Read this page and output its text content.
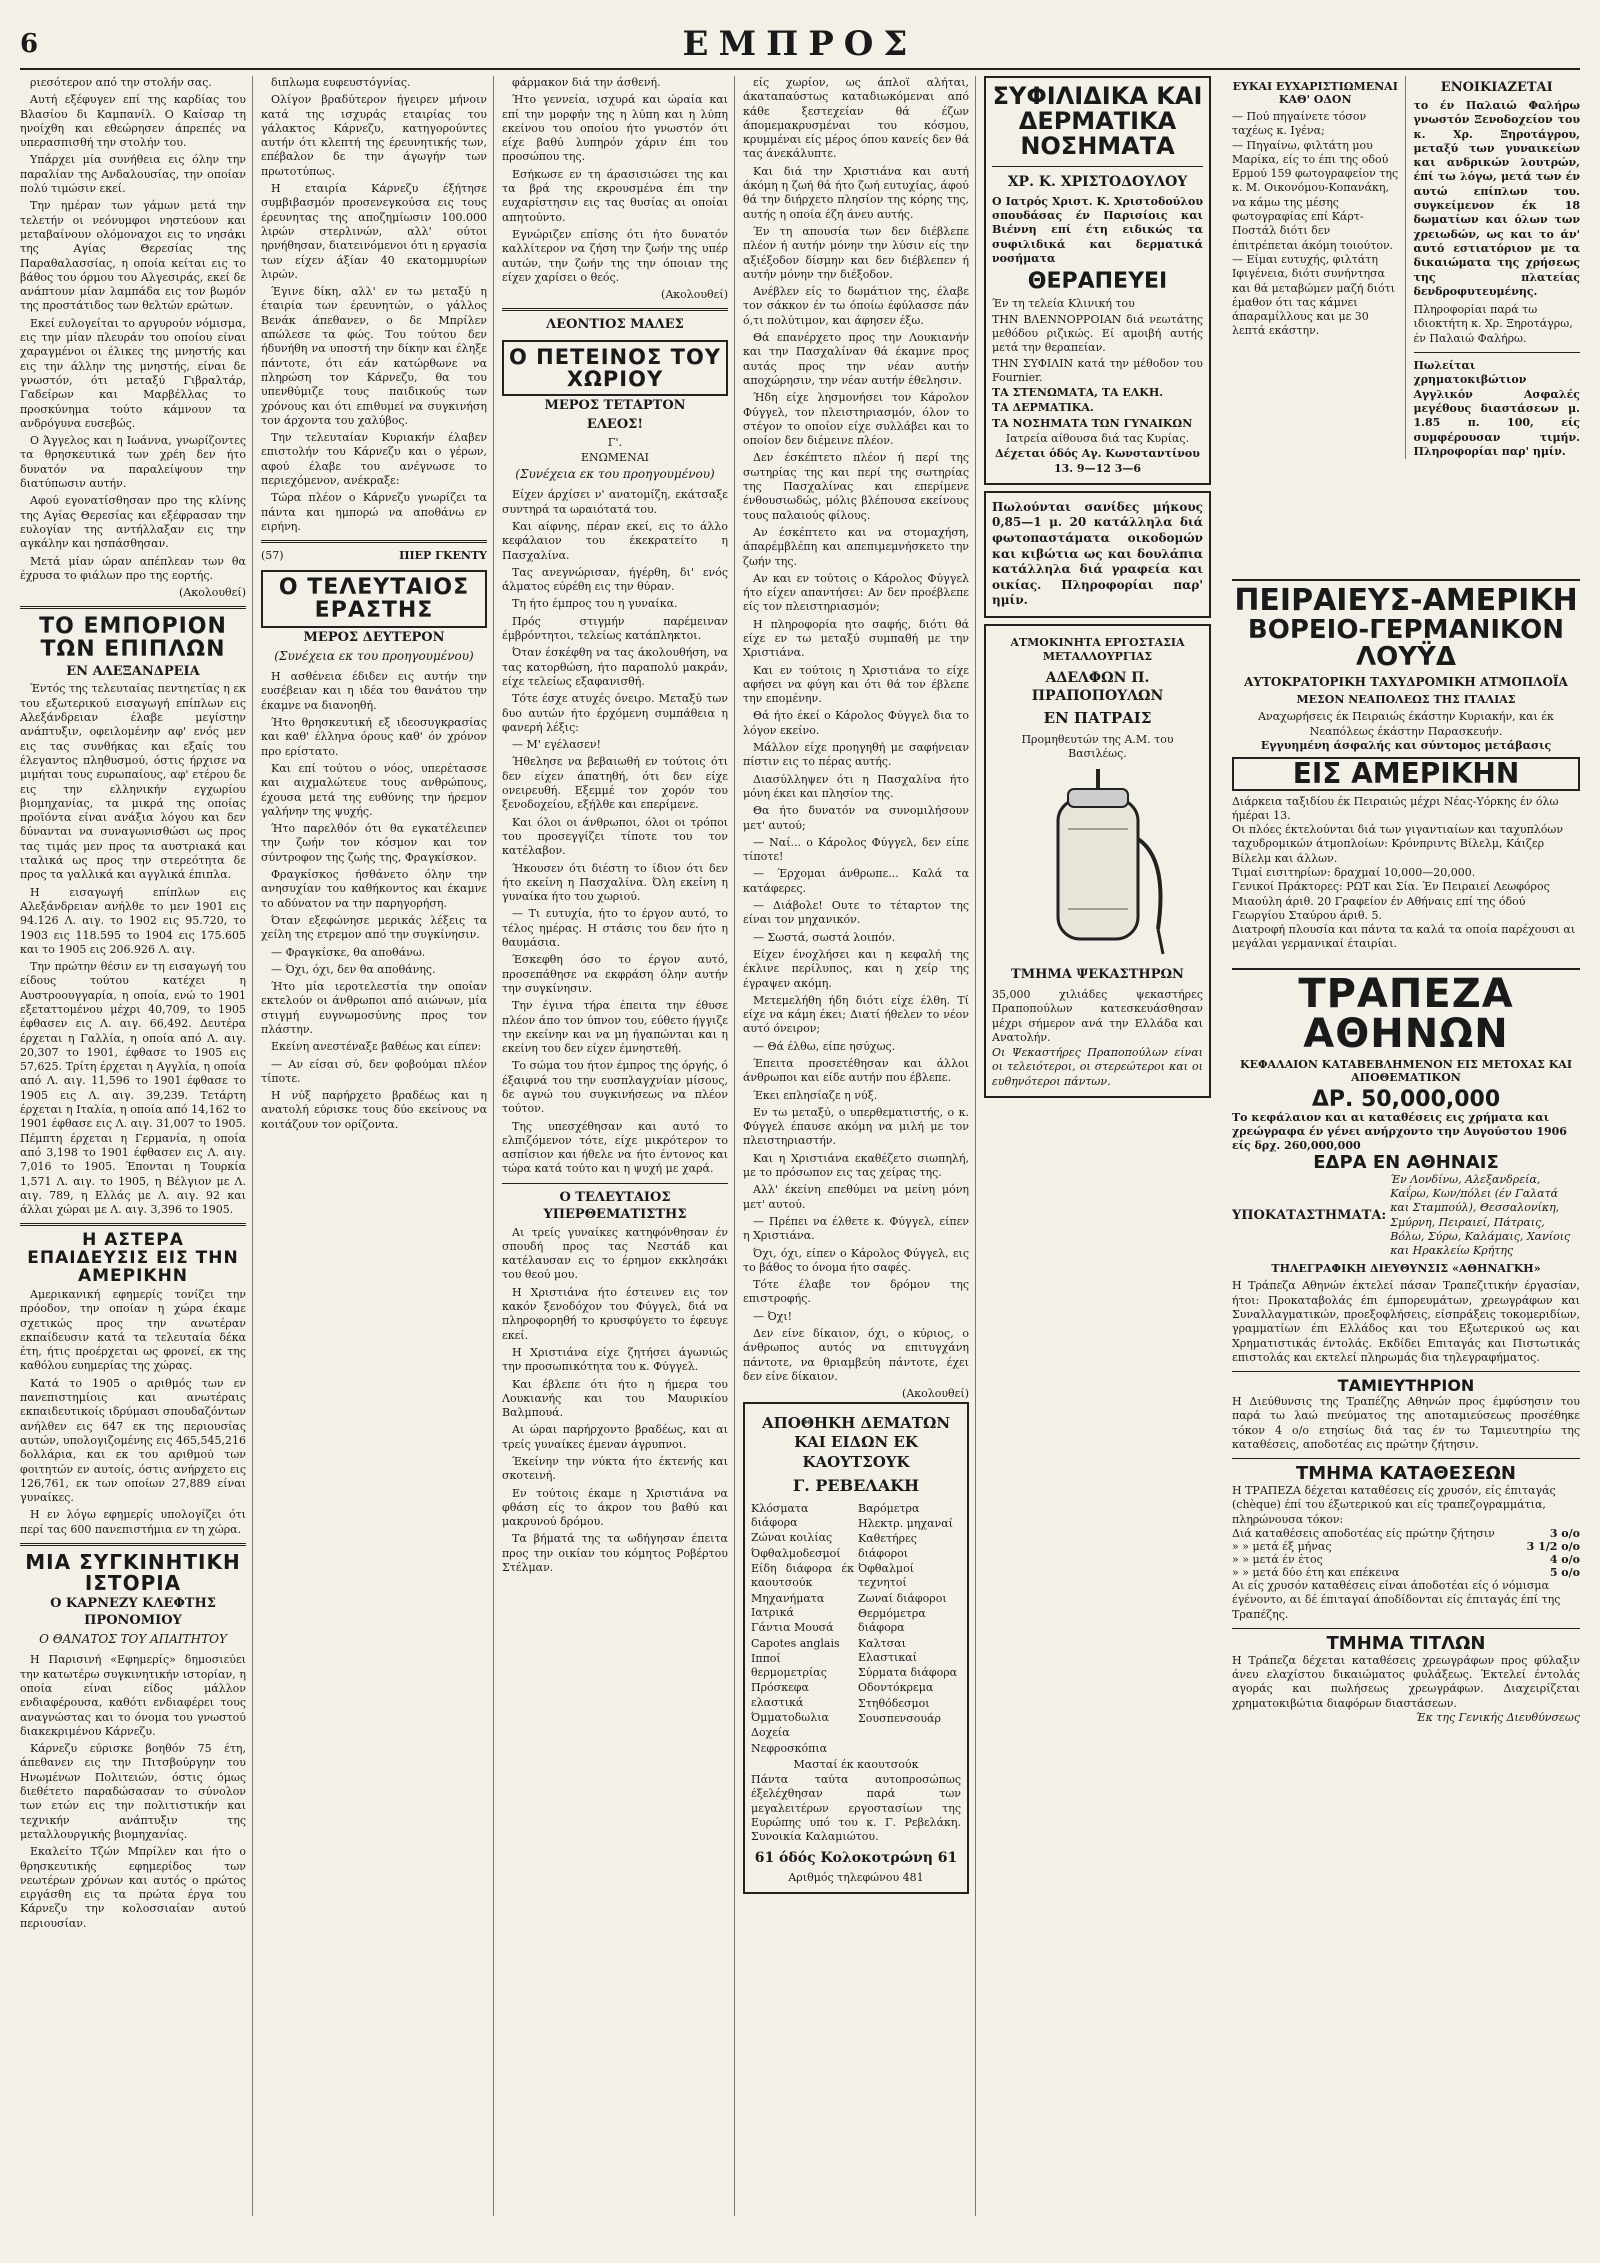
6	ΕΜΠΡΟΣ

ριεσότερον από την στολήν σας.

Αυτή εξέφυγεν επί της καρδίας του Βλασίου δι Καμπανίλ. Ο Καίσαρ τη ηνοίχθη και εθεώρησεν άπρεπές να υπερασπισθή την στολήν του.

Υπάρχει μία συνήθεια εις όλην την παραλίαν της Ανδαλουσίας, την οποίαν πολύ τιμώσιν εκεί.

Την ημέραν των γάμων μετά την τελετήν οι νεόνυμφοι νηστεύουν και μεταβαίνουν ολόμοναχοι εις το νησάκι της Αγίας Θερεσίας της Παραθαλασσίας, η οποία κείται εις το βάθος του όρμου του Αλγεσιράς, εκεί δε ανάπτουν μίαν λαμπάδα εις τον βωμόν της προστάτιδος των θελτών ερώτων.

Εκεί ευλογείται το αργυρούν νόμισμα, εις την μίαν πλευράν του οποίου είναι χαραγμένοι οι έλικες της μνηστής και εις την άλλην της μνηστής, είναι δε γνωστόν, ότι μεταξύ Γιβραλτάρ, Γαδείρων και Μαρβέλλας το προσκύνημα τούτο κάμνουν τα ανδρόγυνα ευσεβώς.

Ο Άγγελος και η Ιωάννα, γνωρίζοντες τα θρησκευτικά των χρέη δεν ήτο δυνατόν να παραλείψουν την διατύπωσιν αυτήν.

Αφού εγονατίσθησαν προ της κλίνης της Αγίας Θερεσίας και εξέφρασαν την ευλογίαν της αντήλλαξαν εις την αγκάλην και ησπάσθησαν.

Μετά μίαν ώραν απέπλεαν των θα έχρυσα το φιάλων προ της εορτής.

(Ακολουθεί)
ΤΟ ΕΜΠΟΡΙΟΝ ΤΩΝ ΕΠΙΠΛΩΝ
ΕΝ ΑΛΕΞΑΝΔΡΕΙΑ

Έντός της τελευταίας πεντηετίας η εκ του εξωτερικού εισαγωγή επίπλων εις Αλεξάνδρειαν έλαβε μεγίστην ανάπτυξιν, οφειλομένην αφ' ενός μεν εις τας συνθήκας και εξαίς του έλεγαντος πληθυσμού, όστις ήρχισε να μιμήται τους ευρωπαίους, αφ' ετέρου δε εις την ελληνικήν εγχωρίου βιομηχανίας, τα μικρά της οποίας προϊόντα είναι ανάξια λόγου και δεν δύνανται να συναγωνισθώσι ως προς τας τιμάς μεν προς τα αυστριακά και ιταλικά ως προς την στερεότητα δε προς τα γαλλικά και αγγλικά έπιπλα.

Η εισαγωγή επίπλων εις Αλεξάνδρειαν ανήλθε το μεν 1901 εις 94.126 Λ. αιγ. το 1902 εις 95.720, το 1903 εις 118.595 το 1904 εις 175.605 και το 1905 εις 206.926 Λ. αιγ.

Την πρώτην θέσιν εν τη εισαγωγή του είδους τούτου κατέχει η Αυστροουγγαρία, η οποία, ενώ το 1901 εξεταττομένου μέχρι 40,709, το 1905 έφθασεν εις Λ. αιγ. 66,492. Δευτέρα έρχεται η Γαλλία, η οποία από Λ. αιγ. 20,307 το 1901, έφθασε το 1905 εις 57,625. Τρίτη έρχεται η Αγγλία, η οποία από Λ. αιγ. 11,596 το 1901 έφθασε το 1905 εις Λ. αιγ. 39,239. Τετάρτη έρχεται η Ιταλία, η οποία από 14,162 το 1901 έφθασε εις Λ. αιγ. 31,007 το 1905. Πέμπτη έρχεται η Γερμανία, η οποία από 3,198 το 1901 έφθασεν εις Λ. αιγ. 7,016 το 1905. Έπονται η Τουρκία 1,571 Λ. αιγ. το 1905, η Βέλγιον με Λ. αιγ. 789, η Ελλάς με Λ. αιγ. 92 και άλλαι χώραι με Λ. αιγ. 3,396 το 1905.

Η ΑΣΤΕΡΑ ΕΠΑΙΔΕΥΣΙΣ ΕΙΣ ΤΗΝ ΑΜΕΡΙΚΗΝ

Αμερικανική εφημερίς τονίζει την πρόοδον, την οποίαν η χώρα έκαμε σχετικώς προς την ανωτέραν εκπαίδευσιν κατά τα τελευταία δέκα έτη, ήτις προέρχεται ως φρονεί, εκ της καθόλου ευημερίας της χώρας.

Κατά το 1905 ο αριθμός των εν πανεπιστημίοις και ανωτέραις εκπαιδευτικοίς ιδρύμασι σπουδαζόντων ανήλθεν εις 647 εκ της περιουσίας αυτών, υπολογιζομένης εις 465,545,216 δολλάρια, και εκ του αριθμού των φοιτητών εν αυτοίς, όστις ανήρχετο εις 126,761, εκ των οποίων 27,889 είναι γυναίκες.

Η εν λόγω εφημερίς υπολογίζει ότι περί τας 600 πανεπιστήμια εν τη χώρα.

ΜΙΑ ΣΥΓΚΙΝΗΤΙΚΗ ΙΣΤΟΡΙΑ
Ο ΚΑΡΝΕΖΥ ΚΛΕΦΤΗΣ ΠΡΟΝΟΜΙΟΥ
Ο ΘΑΝΑΤΟΣ ΤΟΥ ΑΠΑΙΤΗΤΟΥ

Η Παρισινή «Εφημερίς» δημοσιεύει την κατωτέρω συγκινητικήν ιστορίαν, η οποία είναι είδος μάλλον ενδιαφέρουσα, καθότι ενδιαφέρει τους αναγνώστας και το όνομα του γνωστού διακεκριμένου Κάρνεζυ.

Κάρνεζυ εύρισκε βοηθόν 75 έτη, άπεθανεν εις την Πιτσβούργην του Ηνωμένων Πολιτειών, όστις όμως διεθέτετο παραδώσασαν το σύνολον των ετών εις την πολιτιστικήν και τεχνικήν ανάπτυξιν της μεταλλουργικής βιομηχανίας.

Εκαλείτο Τζών Μπρίλεν και ήτο ο θρησκευτικής εφημερίδος των νεωτέρων χρόνων και αυτός ο πρώτος ειργάσθη εις τα πρώτα έργα του Κάρνεζυ την κολοσσιαίαν αυτού περιουσίαν.

διπλωμα ευφευστόγνίας.

Ολίγον βραδύτερον ήγειρεν μήνοιν κατά της ισχυράς εταιρίας του γάλακτος Κάρνεζυ, κατηγορούντες αυτήν ότι κλεπτή της έρευνητικής των, επέβαλον δε την άγωγήν των πρωτοτύπως.

Η εταιρία Κάρνεζυ έξήτησε συμβιβασμόν προσενεγκούσα εις τους έρευνητας της αποζημίωσιν 100.000 λιρών στερλινών, αλλ' ούτοι ηρνήθησαν, διατεινόμενοι ότι η εργασία των είχεν άξίαν 40 εκατομμυρίων λιρών.

Έγινε δίκη, αλλ' εν τω μεταξύ η έταιρία των έρευνητών, ο γάλλος Βενάκ άπεθανεν, ο δε Μπρίλεν απώλεσε τα φώς. Του τούτου δεν ήδυνήθη να υποστή την δίκην και έληξε πάντοτε, ότι εάν κατώρθωνε να πληρώση τον Κάρνεζυ, θα του υπενθύμιζε τους παιδικούς των χρόνους και ότι επιθυμεί να συγκινήση τον άρχοντα του χαλύβος.

Την τελευταίαν Κυριακήν έλαβεν επιστολήν του Κάρνεζυ και ο γέρων, αφού έλαβε του ανέγνωσε το περιεχόμενον, ανέκραξε:

Τώρα πλέον ο Κάρνεζυ γνωρίζει τα πάντα και ημπορώ να αποθάνω εν ειρήνη.

(57)	ΠΙΕΡ ΓΚΕΝΤΥ
Ο ΤΕΛΕΥΤΑΙΟΣ ΕΡΑΣΤΗΣ
ΜΕΡΟΣ ΔΕΥΤΕΡΟΝ
(Συνέχεια εκ του προηγουμένου)

Η ασθένεια έδιδεν εις αυτήν την ευσέβειαν και η ιδέα του θανάτου την έκαμνε να διανοηθή.

Ήτο θρησκευτική εξ ιδεοσυγκρασίας και καθ' έλληνα όρους καθ' όν χρόνον προ ερίστατο.

Και επί τούτου ο νόος, υπερέτασσε και αιχμαλώτευε τους ανθρώπους, έχουσα μετά της ευθύνης την ήρεμον γαλήνην της ψυχής.

Ήτο παρελθόν ότι θα εγκατέλειπεν την ζωήν τον κόσμον και τον σύντροφον της ζωής της, Φραγκίσκον.

Φραγκίσκος ήσθάνετο όλην την ανησυχίαν του καθήκοντος και έκαμνε το αδύνατον να την παρηγορήση.

Όταν εξεφώνησε μερικάς λέξεις τα χείλη της ετρεμον από την συγκίνησιν.

— Φραγκίσκε, θα αποθάνω.

— Όχι, όχι, δεν θα αποθάνης.

Ήτο μία ιεροτελεστία την οποίαν εκτελούν οι άνθρωποι από αιώνων, μία στιγμή ευγνωμοσύνης προς τον πλάστην.

Εκείνη ανεστέναξε βαθέως και είπεν:

— Αν είσαι σύ, δεν φοβούμαι πλέον τίποτε.

Η νύξ παρήρχετο βραδέως και η ανατολή εύρισκε τους δύο εκείνους να κοιτάζουν τον ορίζοντα.

φάρμακον διά την άσθενή.

Ήτο γεννεία, ισχυρά και ώραία και επί την μορφήν της η λύπη και η λύπη εκείνου του οποίου ήτο γνωστόν ότι είχε βαθύ λυπηρόν χάριν έπι του προσώπου της.

Εσήκωσε εν τη άρασισιώσει της και τα βρά της εκρουσμένα έπι την ευχαρίστησιν εις τας θυσίας αι οποίαι απητούντο.

Εγνώριζεν επίσης ότι ήτο δυνατόν καλλίτερον να ζήση την ζωήν της υπέρ αυτών, την ζωήν της την όποιαν της είχεν χαρίσει ο θεός.

(Ακολουθεί)
ΛΕΟΝΤΙΟΣ ΜΑΛΕΣ
Ο ΠΕΤΕΙΝΟΣ ΤΟΥ ΧΩΡΙΟΥ
ΜΕΡΟΣ ΤΕΤΑΡΤΟΝ
ΕΛΕΟΣ!
Γ'.
ΕΝΩΜΕΝΑΙ
(Συνέχεια εκ του προηγουμένου)

Είχεν άρχίσει ν' ανατομίζη, εκάτσαξε συντηρά τα ωραιότατά του.

Και αίφνης, πέραν εκεί, εις το άλλο κεφάλαιον του έκεκρατείτο η Πασχαλίνα.

Τας ανεγνώρισαν, ήγέρθη, δι' ενός άλματος εύρέθη εις την θύραν.

Τη ήτο έμπρος του η γυναίκα.

Πρός στιγμήν παρέμειναν έμβρόντητοι, τελείως κατάπληκτοι.

Όταν έσκέφθη να τας άκολουθήση, να τας κατορθώση, ήτο παραπολύ μακράν, είχε τελείως εξαφανισθή.

Τότε έσχε ατυχές όνειρο. Μεταξύ των δυο αυτών ήτο έρχόμενη συμπάθεια η φανερή λέξις:

— Μ' εγέλασεν!

Ήθελησε να βεβαιωθή εν τούτοις ότι δεν είχεν άπατηθή, ότι δεν είχε ονειρευθή. Εξεμμέ τον χορόν του ξενοδοχείου, εξήλθε και επερίμενε.

Και όλοι οι άνθρωποι, όλοι οι τρόποι του προσεγγίζει τίποτε του τον κατέλαβον.

Ήκουσεν ότι διέστη το ίδιον ότι δεν ήτο εκείνη η Πασχαλίνα. Όλη εκείνη η γυναίκα ήτο του χωριού.

— Τι ευτυχία, ήτο το έργον αυτό, το τέλος ημέρας. Η στάσις του δεν ήτο η θαυμάσια.

Έσκεφθη όσο το έργον αυτό, προσεπάθησε να εκφράση όλην αυτήν την συγκίνησιν.

Την έγινα τήρα έπειτα την έθυσε πλέον άπο τον ύπνον του, εύθετο ήγγιζε την εκείνην και να μη ήγαπώνται και η εκείνη του δεν είχεν έμνηστεθή.

Το σώμα του ήτον έμπρος της όργής, ό έξαιφνά του την ευσπλαγχνίαν μίσους, δε αγνώ του συγκινήσεως να πλέον τούτον.

Της υπεσχέθησαν και αυτό το ελπιζόμενον τότε, είχε μικρότερον το ασπίσιον και ήθελε να ήτο έντονος και τώρα κατά τούτο και η ψυχή με χαρά.

Ο ΤΕΛΕΥΤΑΙΟΣ ΥΠΕΡΘΕΜΑΤΙΣΤΗΣ

Αι τρείς γυναίκες κατηφόνθησαν έν σπουδή προς τας Νεστάδ και κατέλαυσαν εις το έρημον εκκλησάκι του θεού μου.

Η Χριστιάνα ήτο έστεινεν εις τον κακόν ξενοδόχον του Φύγγελ, διά να πληροφορηθή το κρυσφύγετο το έφευγε εκεί.

Η Χριστιάνα είχε ζητήσει άγωνιώς την προσωπικότητα του κ. Φύγγελ.

Και έβλεπε ότι ήτο η ήμερα του Λουκιανής και του Μαυρικίου Βαλμπουά.

Αι ώραι παρήρχοντο βραδέως, και αι τρείς γυναίκες έμεναν άγρυπνοι.

Έκείνην την νύκτα ήτο έκτενής και σκοτεινή.

Εν τούτοις έκαμε η Χριστιάνα να φθάση είς το άκρον του βαθύ και μακρυνού δρόμου.

Τα βήματά της τα ωδήγησαν έπειτα προς την οικίαν του κόμητος Ροβέρτου Στέλμαν.

είς χωρίον, ως άπλοϊ αλήται, άκαταπαύστως καταδιωκόμεναι από κάθε ξεστεχείαν θά έζων άπομεμακρυσμέναι του κόσμου, κρυμμέναι είς μέρος όπου κανείς δεν θά τας άνεκάλυπτε.

Και διά την Χριστιάνα και αυτή άκόμη η ζωή θά ήτο ζωή ευτυχίας, άφού θά την διήρχετο πλησίον της κόρης της, αυτής η οποία έζη άνευ αυτής.

Έν τη απουσία των δεν διέβλεπε πλέον ή αυτήν μόνην την λύσιν είς την αξιέξοδον δίσμην και δεν διέβλεπεν ή αυτήν μόνην την διέξοδον.

Ανέβλεν είς το δωμάτιον της, έλαβε τον σάκκον έν τω όποίω έφύλασσε πάν ό,τι πολύτιμον, και άφησεν έξω.

Θά επανέρχετο προς την Λουκιανήν και την Πασχαλίναν θά έκαμνε προς αυτάς προς την νέαν αυτήν αποχώρησιν, την νέαν αυτήν έθελησιν.

Ήδη είχε λησμονήσει τον Κάρολον Φύγγελ, τον πλειστηριασμόν, όλον το στέγον το οποίον είχε συλλάβει και το οποίον δεν διέμεινε πλέον.

Δεν έσκέπτετο πλέον ή περί της σωτηρίας της και περί της σωτηρίας της Πασχαλίνας και επερίμενε ένθουσιωδώς, μόλις βλέπουσα εκείνους τους παλαιούς φίλους.

Αν έσκέπτετο και να στομαχήση, άπαρέμβλέπη και απεπιμεμνήσκετο την ζωήν της.

Αν και εν τούτοις ο Κάρολος Φύγγελ ήτο είχεν απαντήσει: Αν δεν προέβλεπε είς τον πλειστηριασμόν;

Η πληροφορία ητο σαφής, διότι θά είχε εν τω μεταξύ συμπαθή με την Χριστιάνα.

Και εν τούτοις η Χριστιάνα το είχε αφήσει να φύγη και ότι θά τον έβλεπε την επομένην.

Θά ήτο έκεί ο Κάρολος Φύγγελ δια το λόγον εκείνο.

Μάλλον είχε προηγηθή με σαφήνειαν πίστιν εις το πέρας αυτής.

Διασύλληψεν ότι η Πασχαλίνα ήτο μόνη έκει και πλησίον της.

Θα ήτο δυνατόν να συνομιλήσουν μετ' αυτού;

— Ναί... ο Κάρολος Φύγγελ, δεν είπε τίποτε!

— Έρχομαι άνθρωπε... Καλά τα κατάφερες.

— Διάβολε! Ουτε το τέταρτον της είναι τον μηχανικόν.

— Σωστά, σωστά λοιπόν.

Είχεν ένοχλήσει και η κεφαλή της έκλινε περίλυπος, και η χείρ της έγραψεν ακόμη.

Μετεμελήθη ήδη διότι είχε έλθη. Τί είχε να κάμη έκει; Διατί ήθελεν το νέον αυτό όνειρον;

— Θά έλθω, είπε ησύχως.

Έπειτα προσετέθησαν και άλλοι άνθρωποι και είδε αυτήν που έβλεπε.

Έκει επλησίαζε η νύξ.

Εν τω μεταξύ, ο υπερθεματιστής, ο κ. Φύγγελ έπαυσε ακόμη να μιλή με τον πλειστηριαστήν.

Και η Χριστιάνα εκαθέζετο σιωπηλή, με το πρόσωπον εις τας χείρας της.

Αλλ' έκείνη επεθύμει να μείνη μόνη μετ' αυτού.

— Πρέπει να έλθετε κ. Φύγγελ, είπεν η Χριστιάνα.

Όχι, όχι, είπεν ο Κάρολος Φύγγελ, εις το βάθος το όνομα ήτο σαφές.

Τότε έλαβε τον δρόμον της επιστροφής.

— Όχι!

Δεν είνε δίκαιον, όχι, ο κύριος, ο άνθρωπος αυτός να επιτυγχάνη πάντοτε, να θριαμβεύη πάντοτε, έχει δεν είνε δίκαιον.

(Ακολουθεί)
ΑΠΟΘΗΚΗ ΔΕΜΑΤΩΝ ΚΑΙ ΕΙΔΩΝ ΕΚ ΚΑΟΥΤΣΟΥΚ
Γ. ΡΕΒΕΛΑΚΗ
Κλόσματα διάφορα
Ζώναι κοιλίας
Όφθαλμοδεσμοί
Είδη διάφορα έκ καουτσούκ
Μηχανήματα Ιατρικά
Γάντια Μουσά
Capotes anglais
Ιπποί θερμομετρίας
Πρόσκεφα ελαστικά
Όμματοδωλια
Δοχεία
Νεφροσκόπια
Βαρόμετρα
Ηλεκτρ. μηχαναί
Καθετήρες διάφοροι
Όφθαλμοί τεχνητοί
Ζωναί διάφοροι
Θερμόμετρα διάφορα
Καλτσαι Ελαστικαί
Σύρματα διάφορα
Οδοντόκρεμα
Στηθόδεσμοι
Σουσπενσουάρ
Μασταί έκ καουτσούκ
Πάντα ταύτα αυτοπροσώπως έξελέχθησαν παρά των μεγαλειτέρων εργοστασίων της Ευρώπης υπό του κ. Γ. Ρεβελάκη. Συνοικία Καλαμιώτου.
61 όδός Κολοκοτρώνη 61
Αριθμός τηλεφώνου 481
ΣΥΦΙΛΙΔΙΚΑ ΚΑΙ ΔΕΡΜΑΤΙΚΑ ΝΟΣΗΜΑΤΑ
ΧΡ. Κ. ΧΡΙΣΤΟΔΟΥΛΟΥ
Ο Ιατρός Χριστ. Κ. Χριστοδούλου σπουδάσας έν Παρισίοις και Βιέννη επί έτη ειδικώς τα συφιλιδικά και δερματικά νοσήματα
ΘΕΡΑΠΕΥΕΙ
Έν τη τελεία Κλινική του
ΤΗΝ ΒΛΕΝΝΟΡΡΟΙΑΝ διά νεωτάτης μεθόδου ριζικώς. Εί αμοιβή αυτής μετά την θεραπείαν.
ΤΗΝ ΣΥΦΙΛΙΝ κατά την μέθοδον του Fournier.
ΤΑ ΣΤΕΝΩΜΑΤΑ, ΤΑ ΕΛΚΗ.
ΤΑ ΔΕΡΜΑΤΙΚΑ.
ΤΑ ΝΟΣΗΜΑΤΑ ΤΩΝ ΓΥΝΑΙΚΩΝ
Ιατρεία αίθουσα διά τας Κυρίας.
Δέχεται όδός Αγ. Κωνσταντίνου 13. 9—12 3—6
Πωλούνται σανίδες μήκους 0,85—1 μ. 20 κατάλληλα διά φωτοπαστάματα οικοδομών και κιβώτια ως και δουλάπια κατάλληλα διά γραφεία και οικίας. Πληροφορίαι παρ' ημίν.
ΑΤΜΟΚΙΝΗΤΑ ΕΡΓΟΣΤΑΣΙΑ ΜΕΤΑΛΛΟΥΡΓΙΑΣ
ΑΔΕΛΦΩΝ Π. ΠΡΑΠΟΠΟΥΛΩΝ
ΕΝ ΠΑΤΡΑΙΣ
Προμηθευτών της Α.Μ. του Βασιλέως.
ΤΜΗΜΑ ΨΕΚΑΣΤΗΡΩΝ
35,000 χιλιάδες ψεκαστήρες Πραποπούλων κατεσκευάσθησαν μέχρι σήμερον ανά την Ελλάδα και Ανατολήν.
Οι Ψεκαστήρες Πραποπούλων είναι οι τελειότεροι, οι στερεώτεροι και οι ευθηνότεροι πάντων.
ΕΥΚΑΙ ΕΥΧΑΡΙΣΤΙΩΜΕΝΑΙ ΚΑΘ' ΟΔΟΝ
— Πού πηγαίνετε τόσον ταχέως κ. Ιγένα;
— Πηγαίνω, φιλτάτη μου Μαρίκα, είς το έπι της οδού Ερμού 159 φωτογραφείον της κ. Μ. Οικονόμου-Κοπανάκη, να κάμω της μέσης φωτογραφίας επί Κάρτ-Ποστάλ διότι δεν έπιτρέπεται άκόμη τοιούτον.
— Είμαι ευτυχής, φιλτάτη Ιφιγένεια, διότι συνήντησα και θά μεταβώμεν μαζή διότι έμαθον ότι τας κάμνει άπαραμίλλους και με 30 λεπτά εκάστην.
ΕΝΟΙΚΙΑΖΕΤΑΙ
το έν Παλαιώ Φαλήρω γνωστόν Ξενοδοχείον του κ. Χρ. Ξηροτάγρου, μεταξύ των γυναικείων και ανδρικών λουτρών, έπί τω λόγω, μετά των έν αυτώ επίπλων του. συγκείμενον έκ 18 δωματίων και όλων των χρειωδών, ως και το άν' αυτό εστιατόριον με τα δικαιώματα της χρήσεως της πλατείας δενδροφυτευμένης.
Πληροφορίαι παρά τω ιδιοκτήτη κ. Χρ. Ξηροτάγρω, έν Παλαιώ Φαλήρω.
Πωλείται χρηματοκιβώτιον Αγγλικόν Ασφαλές μεγέθους διαστάσεων μ. 1.85 π. 100, είς συμφέρουσαν τιμήν. Πληροφορίαι παρ' ημίν.
ΠΕΙΡΑΙΕΥΣ-ΑΜΕΡΙΚΗ
ΒΟΡΕΙΟ-ΓΕΡΜΑΝΙΚΟΝ ΛΟΥΫΔ
ΑΥΤΟΚΡΑΤΟΡΙΚΗ ΤΑΧΥΔΡΟΜΙΚΗ ΑΤΜΟΠΛΟΪΑ
ΜΕΣΟΝ ΝΕΑΠΟΛΕΩΣ ΤΗΣ ΙΤΑΛΙΑΣ
Αναχωρήσεις έκ Πειραιώς έκάστην Κυριακήν, και έκ Νεαπόλεως έκάστην Παρασκευήν.
Εγγυημένη άσφαλής και σύντομος μετάβασις
ΕΙΣ ΑΜΕΡΙΚΗΝ
Διάρκεια ταξιδίου έκ Πειραιώς μέχρι Νέας-Υόρκης έν όλω ήμέραι 13.
Οι πλόες έκτελούνται διά των γιγαντιαίων και ταχυπλόων ταχυδρομικών άτμοπλοίων: Κρόνπριντς Βίλελμ, Κάιζερ Βίλελμ και άλλων.
Τιμαί εισιτηρίων: δραχμαί 10,000—20,000.
Γενικοί Πράκτορες: ΡΩΤ και Σία. Έν Πειραιεί Λεωφόρος Μιαούλη άριθ. 20 Γραφείον έν Αθήναις επί της όδού Γεωργίου Σταύρου άριθ. 5.
Διατροφή πλουσία και πάντα τα καλά τα οποία παρέχουσι αι μεγάλαι γερμανικαί έταιρίαι.
ΤΡΑΠΕΖΑ ΑΘΗΝΩΝ
ΚΕΦΑΛΑΙΟΝ ΚΑΤΑΒΕΒΛΗΜΕΝΟΝ ΕΙΣ ΜΕΤΟΧΑΣ ΚΑΙ ΑΠΟΘΕΜΑΤΙΚΟΝ
ΔΡ. 50,000,000
Το κεφάλαιον και αι καταθέσεις εις χρήματα και χρεώγραφα έν γένει ανήρχοντο την Αυγούστου 1906 είς δρχ. 260,000,000
ΕΔΡΑ ΕΝ ΑΘΗΝΑΙΣ
ΥΠΟΚΑΤΑΣΤΗΜΑΤΑ:
Έν Λονδίνω, Αλεξανδρεία, Καΐρω, Κων/πόλει (έν Γαλατά και Σταμπούλ), Θεσσαλονίκη, Σμύρνη, Πειραιεί, Πάτραις, Βόλω, Σύρω, Καλάμαις, Χανίοις και Ηρακλείω Κρήτης
ΤΗΛΕΓΡΑΦΙΚΗ ΔΙΕΥΘΥΝΣΙΣ «ΑΘΗΝΑΓΚΗ»
Η Τράπεζα Αθηνών έκτελεί πάσαν Τραπεζιτικήν έργασίαν, ήτοι: Προκαταβολάς έπι έμπορευμάτων, χρεωγράφων και Συναλλαγματικών, προεξοφλήσεις, είσπράξεις τοκομεριδίων, γραμματίων έπι Ελλάδος και του Εξωτερικού ως και Χρηματιστικάς έντολάς. Εκδίδει Επιταγάς και Πιστωτικάς επιστολάς και εκτελεί πληρωμάς δια τηλεγραφήματος.
ΤΑΜΙΕΥΤΗΡΙΟΝ
Η Διεύθυνσις της Τραπέζης Αθηνών προς έμφύσησιν του παρά τω λαώ πνεύματος της αποταμιεύσεως προσέθηκε τόκον 4 ο/ο ετησίως διά τας έν τω Ταμιευτηρίω της καταθέσεις, αποδοτέας εις πρώτην ζήτησιν.
ΤΜΗΜΑ ΚΑΤΑΘΕΣΕΩΝ
Η ΤΡΑΠΕΖΑ δέχεται καταθέσεις είς χρυσόν, είς έπιταγάς (chèque) έπί του έξωτερικού και είς τραπεζογραμμάτια, πληρώνουσα τόκον:
Διά καταθέσεις αποδοτέας είς πρώτην ζήτησιν	3 ο/ο
» » μετά έξ μήνας	3 1/2 ο/ο
» » μετά έν έτος	4 ο/ο
» » μετά δύο έτη και επέκεινα	5 ο/ο
Αι είς χρυσόν καταθέσεις είναι άποδοτέαι είς ό νόμισμα έγένοντο, αι δέ έπιταγαί άποδίδονται είς έπιταγάς έπί της Τραπέζης.
ΤΜΗΜΑ ΤΙΤΛΩΝ
Η Τράπεζα δέχεται καταθέσεις χρεωγράφων προς φύλαξιν άνευ ελαχίστου δικαιώματος φυλάξεως. Έκτελεί έντολάς αγοράς και πωλήσεως χρεωγράφων. Διαχειρίζεται χρηματοκιβώτια διαφόρων διαστάσεων.
Έκ της Γενικής Διευθύνσεως
